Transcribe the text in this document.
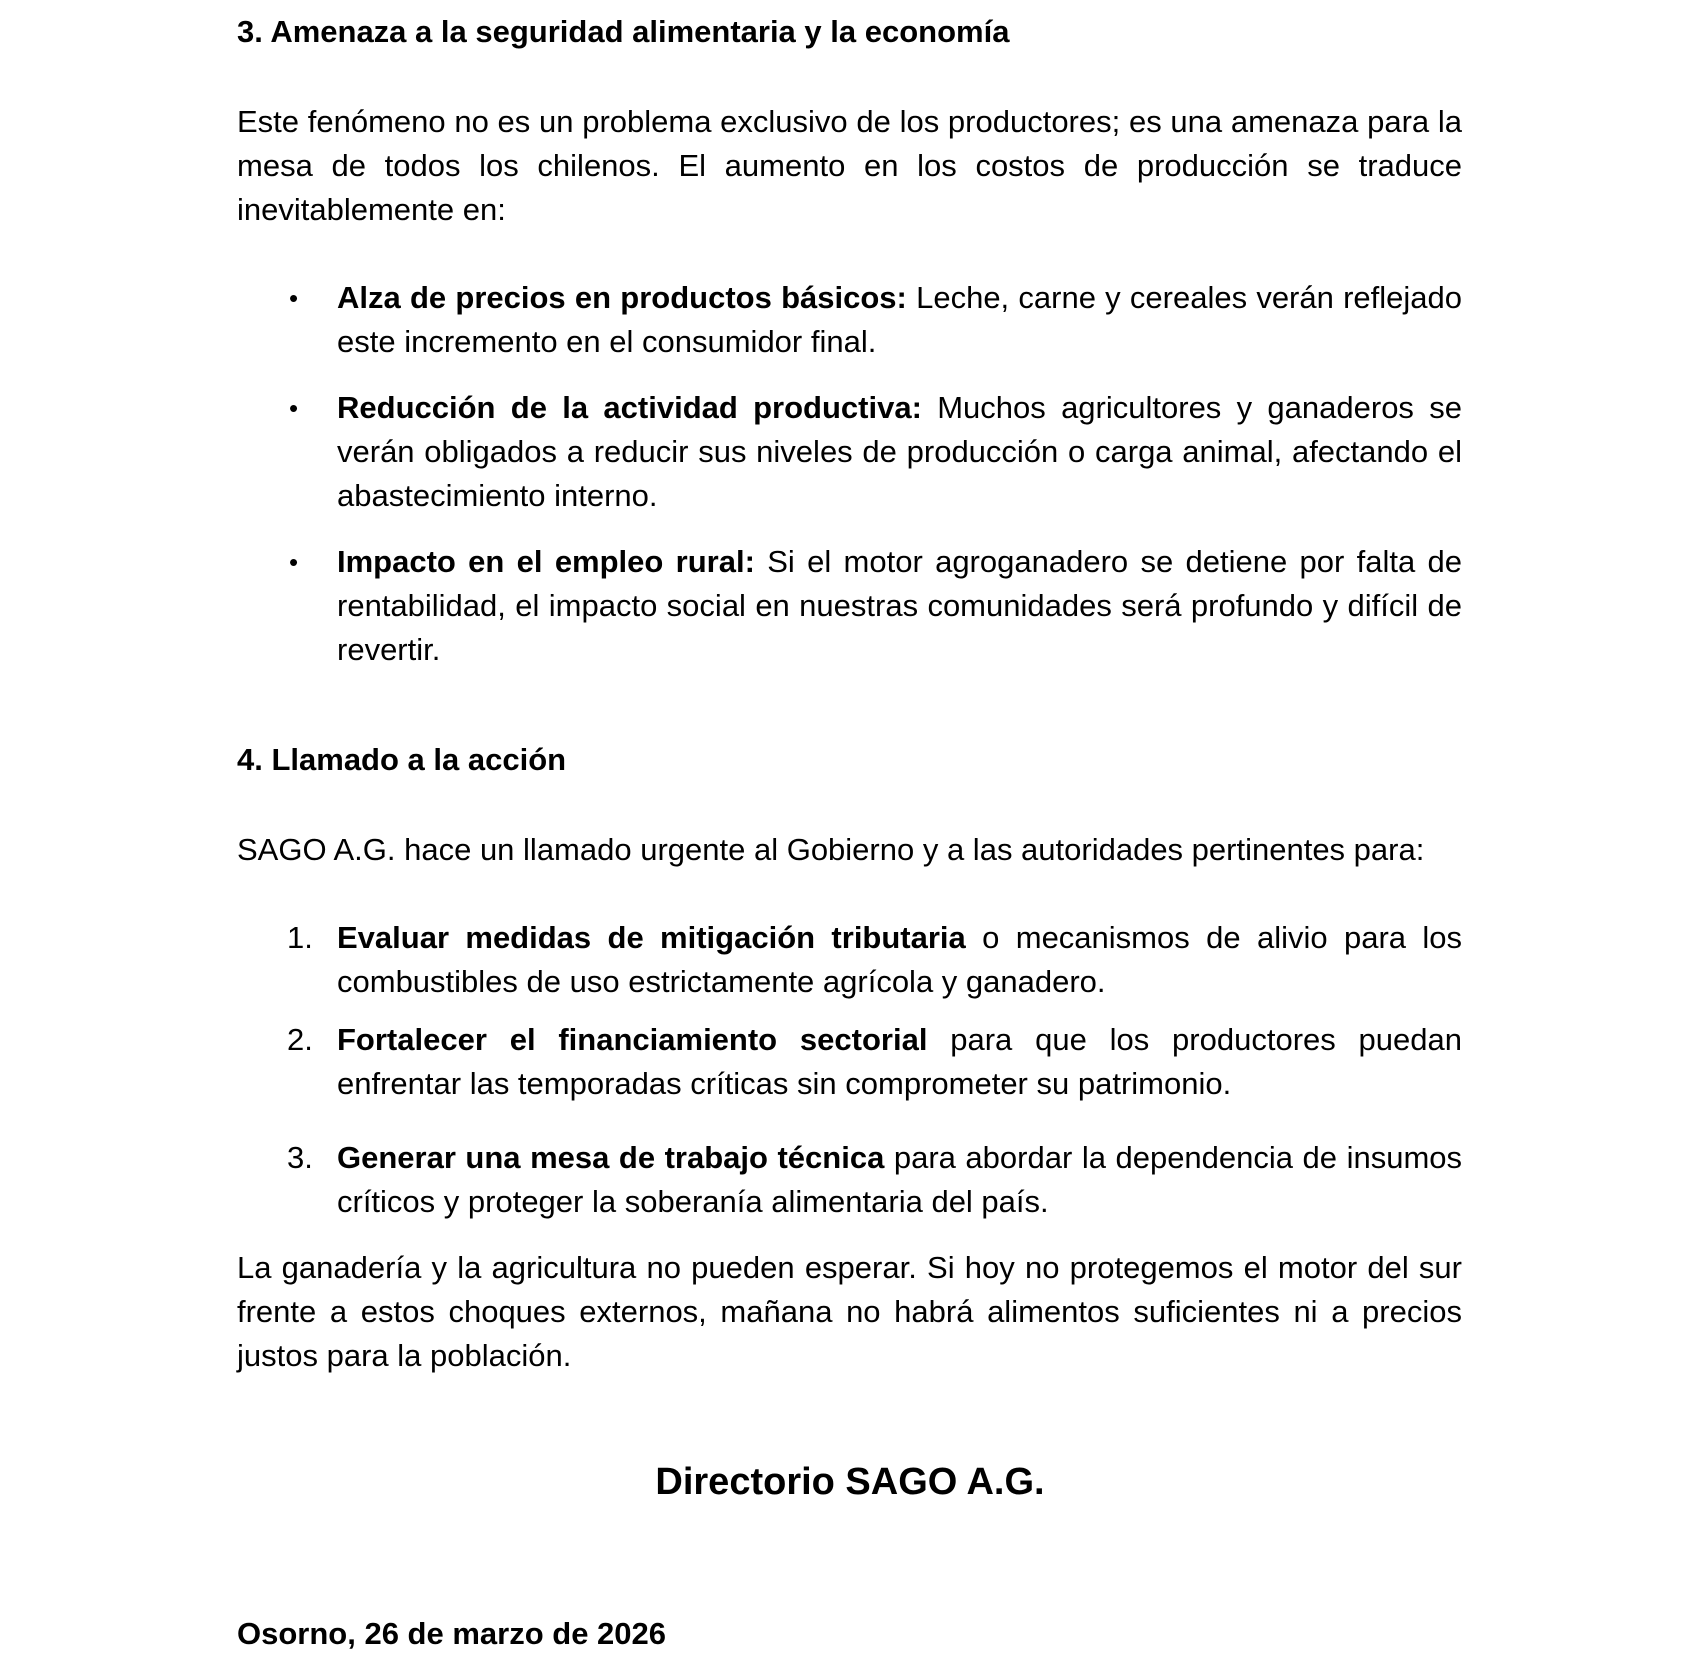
3. Amenaza a la seguridad alimentaria y la economía
Este fenómeno no es un problema exclusivo de los productores; es una amenaza para la mesa de todos los chilenos. El aumento en los costos de producción se traduce inevitablemente en:
• Alza de precios en productos básicos: Leche, carne y cereales verán reflejado este incremento en el consumidor final.
• Reducción de la actividad productiva: Muchos agricultores y ganaderos se verán obligados a reducir sus niveles de producción o carga animal, afectando el abastecimiento interno.
• Impacto en el empleo rural: Si el motor agroganadero se detiene por falta de rentabilidad, el impacto social en nuestras comunidades será profundo y difícil de revertir.
4. Llamado a la acción
SAGO A.G. hace un llamado urgente al Gobierno y a las autoridades pertinentes para:
1. Evaluar medidas de mitigación tributaria o mecanismos de alivio para los combustibles de uso estrictamente agrícola y ganadero.
2. Fortalecer el financiamiento sectorial para que los productores puedan enfrentar las temporadas críticas sin comprometer su patrimonio.
3. Generar una mesa de trabajo técnica para abordar la dependencia de insumos críticos y proteger la soberanía alimentaria del país.
La ganadería y la agricultura no pueden esperar. Si hoy no protegemos el motor del sur frente a estos choques externos, mañana no habrá alimentos suficientes ni a precios justos para la población.
Directorio SAGO A.G.
Osorno, 26 de marzo de 2026
